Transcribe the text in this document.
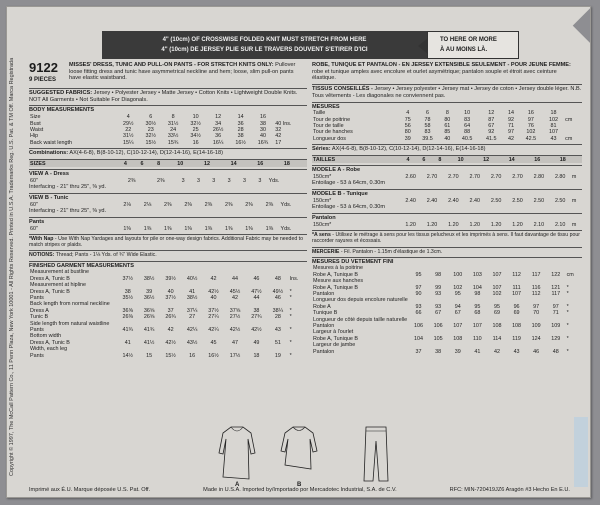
Copyright © 1997, The McCall Pattern Co., 11 Penn Plaza, New York 10001 - All Rights Reserved. Printed in U.S.A. Trademarks Reg. U.S. Pat. & TM Off. Marca Registrada
4" (10cm) OF CROSSWISE FOLDED KNIT MUST STRETCH FROM HERE
4" (10cm) DE JERSEY PLIE SUR LE TRAVERS DOUVENT S'ETIRER D'ICI
TO HERE OR MORE
À AU MOINS LÀ.
9122
9 PIECES
MISSES' DRESS, TUNIC AND PULL-ON PANTS - FOR STRETCH KNITS ONLY: Pullover loose fitting dress and tunic have asymmetrical neckline and hem; loose, slim pull-on pants have elastic waistband.
SUGGESTED FABRICS: Jersey • Polyester Jersey • Matte Jersey • Cotton Knits • Lightweight Double Knits. NOT All Garments • Not Suitable For Diagonals.
BODY MEASUREMENTS
Size	4	6	8	10	12	14	16	
Bust	29½	30½	31½	32½	34	36	38	40 Ins.
Waist	22	23	24	25	26½	28	30	32
Hip	31½	32½	33½	34½	36	38	40	42
Back waist length	15¼	15½	15¾	16	16¼	16½	16¾	17
Combinations: AX(4-6-8), B(8-10-12), C(10-12-14), D(12-14-16), E(14-16-18)
SIZES	4	6	8	10	12	14	16	18	
VIEW A - Dress
60"	2⅜	2⅜	3	3	3	3	3	3	Yds.
Interfacing - 21" thru 25", ⅜ yd.
VIEW B - Tunic
60"	2⅛	2⅛	2⅜	2⅜	2⅜	2⅜	2⅜	2⅜	Yds.
Interfacing - 21" thru 25", ⅜ yd.
Pants
60"	1⅜	1⅜	1⅜	1⅜	1⅜	1⅜	1⅜	1⅜	Yds.
*With Nap - Use With Nap Yardages and layouts for pile or one-way design fabrics. Additional Fabric may be needed to match stripes or plaids.
NOTIONS: Thread; Pants - 1⅛ Yds. of ¾" Wide Elastic.
FINISHED GARMENT MEASUREMENTS
Measurement at bustline									
Dress A, Tunic B	37½	38½	39½	40½	42	44	46	48	Ins.
Measurement at hipline									
Dress A, Tunic B	38	39	40	41	42½	45½	47½	49½	*
Pants	35½	36½	37½	38½	40	42	44	46	*
Back length from normal neckline									
Dress A	36⅝	36⅝	37	37¼	37½	37⅝	38	38¼	*
Tunic B	26⅜	26⅝	26¾	27	27¼	27½	27¾	28	*
Side length from natural waistline									
Pants	41¾	41¾	42	42¼	42¼	42½	42½	43	*
Bottom width									
Dress A, Tunic B	41	41½	42½	43½	45	47	49	51	*
Width, each leg									
Pants	14½	15	15½	16	16½	17½	18	19	*
ROBE, TUNIQUE ET PANTALON - EN JERSEY EXTENSIBLE SEULEMENT - POUR JEUNE FEMME: robe et tunique amples avec encolure et ourlet asymétrique; pantalon souple et étroit avec ceinture élastique.
TISSUS CONSEILLÉS - Jersey • Jersey polyester • Jersey mat • Jersey de coton • Jersey double léger. N.B. Tous vêtements - Les diagonales ne conviennent pas.
MESURES
Taille	4	6	8	10	12	14	16	18	
Tour de poitrine	75	78	80	83	87	92	97	102	cm
Tour de taille	56	58	61	64	67	71	76	81	
Tour de hanches	80	83	85	88	92	97	102	107	
Longueur dos	39	39.5	40	40.5	41.5	42	42.5	43	cm
Séries: AX(4-6-8), B(8-10-12), C(10-12-14), D(12-14-16), E(14-16-18)
TAILLES	4	6	8	10	12	14	16	18	
MODELE A - Robe
150cm*	2.60	2.70	2.70	2.70	2.70	2.70	2.80	2.80	m
Entoilage - 53 à 64cm, 0.30m
MODELE B - Tunique
150cm*	2.40	2.40	2.40	2.40	2.50	2.50	2.50	2.50	m
Entoilage - 53 à 64cm, 0.30m
Pantalon
150cm*	1.20	1.20	1.20	1.20	1.20	1.20	2.10	2.10	m
*A sens - Utilisez le métrage à sens pour les tissus pelucheux et les imprimés à sens. Il faut davantage de tissu pour raccorder rayures et écossais.
MERCERIE - Fil. Pantalon - 1.15m d'élastique de 1.3cm.
MESURES DU VETEMENT FINI
Mesures à la poitrine									
Robe A, Tunique B	95	98	100	103	107	112	117	122	cm
Mesure aux hanches									
Robe A, Tunique B	97	99	102	104	107	111	116	121	*
Pantalon	90	93	95	98	102	107	112	117	*
Longueur dos depuis encolure naturelle									
Robe A	93	93	94	95	95	96	97	97	*
Tunique B	66	67	67	68	69	69	70	71	*
Longueur de côté depuis taille naturelle									
Pantalon	106	106	107	107	108	108	109	109	*
Largeur à l'ourlet									
Robe A, Tunique B	104	105	108	110	114	119	124	129	*
Largeur de jambe									
Pantalon	37	38	39	41	42	43	46	48	*
A	B
Imprimé aux É.U. Marque déposée U.S. Pat. Off.	Made in U.S.A. Imported by/Importado por Mercadotec Industrial, S.A. de C.V.	RFC: MIN-720419JZ6 Aragón #3 Hecho En E.U.
